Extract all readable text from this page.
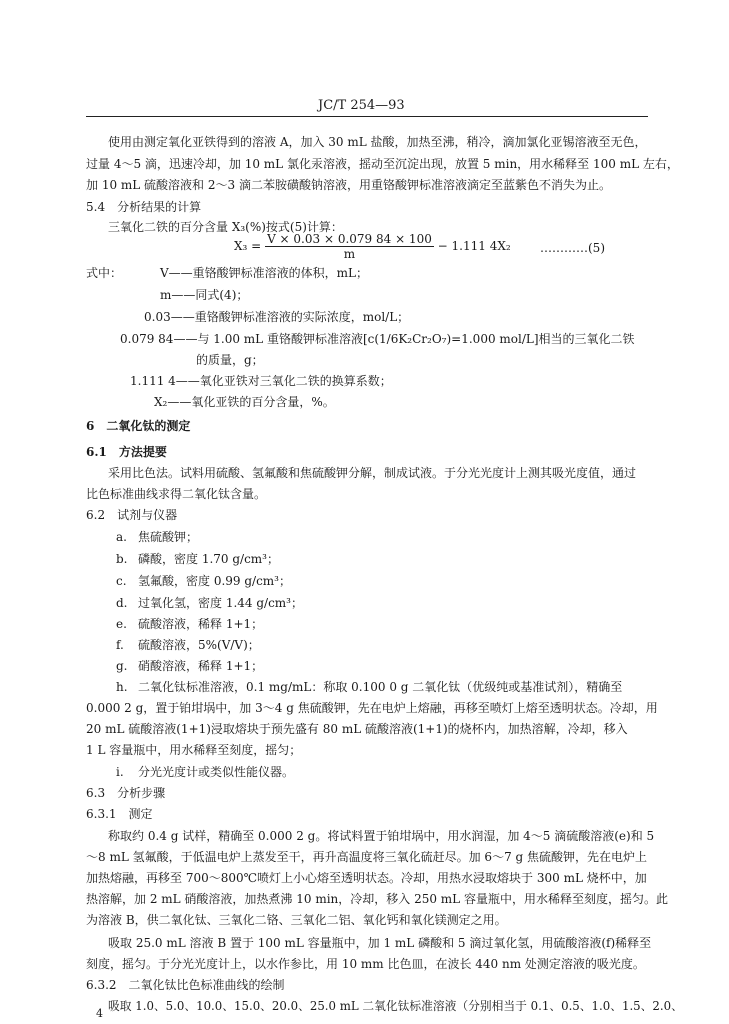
JC/T 254—93
使用由测定氧化亚铁得到的溶液 A，加入 30 mL 盐酸，加热至沸，稍冷，滴加氯化亚锡溶液至无色，
过量 4～5 滴，迅速冷却，加 10 mL 氯化汞溶液，摇动至沉淀出现，放置 5 min，用水稀释至 100 mL 左右，
加 10 mL 硫酸溶液和 2～3 滴二苯胺磺酸钠溶液，用重铬酸钾标准溶液滴定至蓝紫色不消失为止。
5.4　分析结果的计算
三氧化二铁的百分含量 X₃(%)按式(5)计算：
$X_3 = \frac{V \times 0.03 \times 0.079 84 \times 100}{m} - 1.111$ 4X₂ …………(5)
式中：	V——重铬酸钾标准溶液的体积，mL；
m——同式(4)；
0.03——重铬酸钾标准溶液的实际浓度，mol/L；
0.079 84——与 1.00 mL 重铬酸钾标准溶液[c(1/6K₂Cr₂O₇)=1.000 mol/L]相当的三氧化二铁
的质量，g；
1.111 4——氧化亚铁对三氧化二铁的换算系数；
X₂——氧化亚铁的百分含量，%。
6　二氧化钛的测定
6.1　方法提要
采用比色法。试料用硫酸、氢氟酸和焦硫酸钾分解，制成试液。于分光光度计上测其吸光度值，通过
比色标准曲线求得二氧化钛含量。
6.2　试剂与仪器
a. 焦硫酸钾；
b. 磷酸，密度 1.70 g/cm³；
c. 氢氟酸，密度 0.99 g/cm³；
d. 过氧化氢，密度 1.44 g/cm³；
e. 硫酸溶液，稀释 1+1；
f. 硫酸溶液，5%(V/V)；
g. 硝酸溶液，稀释 1+1；
h. 二氧化钛标准溶液，0.1 mg/mL：称取 0.100 0 g 二氧化钛（优级纯或基准试剂），精确至
0.000 2 g，置于铂坩埚中，加 3～4 g 焦硫酸钾，先在电炉上熔融，再移至喷灯上熔至透明状态。冷却，用
20 mL 硫酸溶液(1+1)浸取熔块于预先盛有 80 mL 硫酸溶液(1+1)的烧杯内，加热溶解，冷却，移入
1 L 容量瓶中，用水稀释至刻度，摇匀；
i. 分光光度计或类似性能仪器。
6.3　分析步骤
6.3.1　测定
称取约 0.4 g 试样，精确至 0.000 2 g。将试料置于铂坩埚中，用水润湿，加 4～5 滴硫酸溶液(e)和 5
～8 mL 氢氟酸，于低温电炉上蒸发至干，再升高温度将三氧化硫赶尽。加 6～7 g 焦硫酸钾，先在电炉上
加热熔融，再移至 700～800℃喷灯上小心熔至透明状态。冷却，用热水浸取熔块于 300 mL 烧杯中，加
热溶解，加 2 mL 硝酸溶液，加热煮沸 10 min，冷却，移入 250 mL 容量瓶中，用水稀释至刻度，摇匀。此
为溶液 B，供二氧化钛、三氧化二铬、三氧化二铝、氧化钙和氧化镁测定之用。
吸取 25.0 mL 溶液 B 置于 100 mL 容量瓶中，加 1 mL 磷酸和 5 滴过氧化氢，用硫酸溶液(f)稀释至
刻度，摇匀。于分光光度计上，以水作参比，用 10 mm 比色皿，在波长 440 nm 处测定溶液的吸光度。
6.3.2　二氧化钛比色标准曲线的绘制
吸取 1.0、5.0、10.0、15.0、20.0、25.0 mL 二氧化钛标准溶液（分别相当于 0.1、0.5、1.0、1.5、2.0、
4
